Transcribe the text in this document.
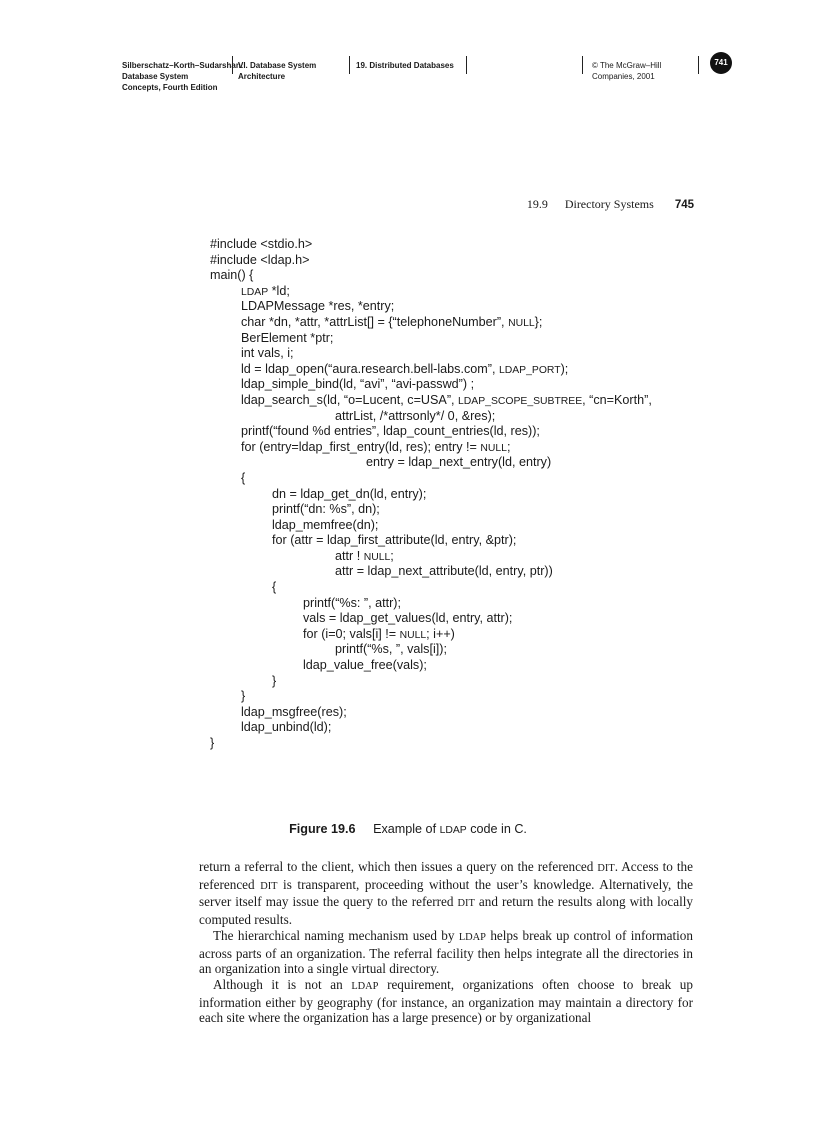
Silberschatz–Korth–Sudarshan:
Database System
Concepts, Fourth Edition
VI. Database System
Architecture
19. Distributed Databases	© The McGraw–Hill
Companies, 2001
741
19.9 Directory Systems 745
#include <stdio.h>
#include <ldap.h>
main() {
LDAP *ld;
LDAPMessage *res, *entry;
char *dn, *attr, *attrList[] = {“telephoneNumber”, NULL};
BerElement *ptr;
int vals, i;
ld = ldap_open(“aura.research.bell-labs.com”, LDAP_PORT);
ldap_simple_bind(ld, “avi”, “avi-passwd”) ;
ldap_search_s(ld, “o=Lucent, c=USA”, LDAP_SCOPE_SUBTREE, “cn=Korth”,
attrList, /*attrsonly*/ 0, &res);
printf(“found %d entries”, ldap_count_entries(ld, res));
for (entry=ldap_first_entry(ld, res); entry != NULL;
entry = ldap_next_entry(ld, entry)
{
dn = ldap_get_dn(ld, entry);
printf(“dn: %s”, dn);
ldap_memfree(dn);
for (attr = ldap_first_attribute(ld, entry, &ptr);
attr ! NULL;
attr = ldap_next_attribute(ld, entry, ptr))
{
printf(“%s: ”, attr);
vals = ldap_get_values(ld, entry, attr);
for (i=0; vals[i] != NULL; i++)
printf(“%s, ”, vals[i]);
ldap_value_free(vals);
}
}
ldap_msgfree(res);
ldap_unbind(ld);
}
Figure 19.6 Example of LDAP code in C.

return a referral to the client, which then issues a query on the referenced DIT. Access to the referenced DIT is transparent, proceeding without the user’s knowledge. Alternatively, the server itself may issue the query to the referred DIT and return the results along with locally computed results.

The hierarchical naming mechanism used by LDAP helps break up control of information across parts of an organization. The referral facility then helps integrate all the directories in an organization into a single virtual directory.

Although it is not an LDAP requirement, organizations often choose to break up information either by geography (for instance, an organization may maintain a directory for each site where the organization has a large presence) or by organizational
